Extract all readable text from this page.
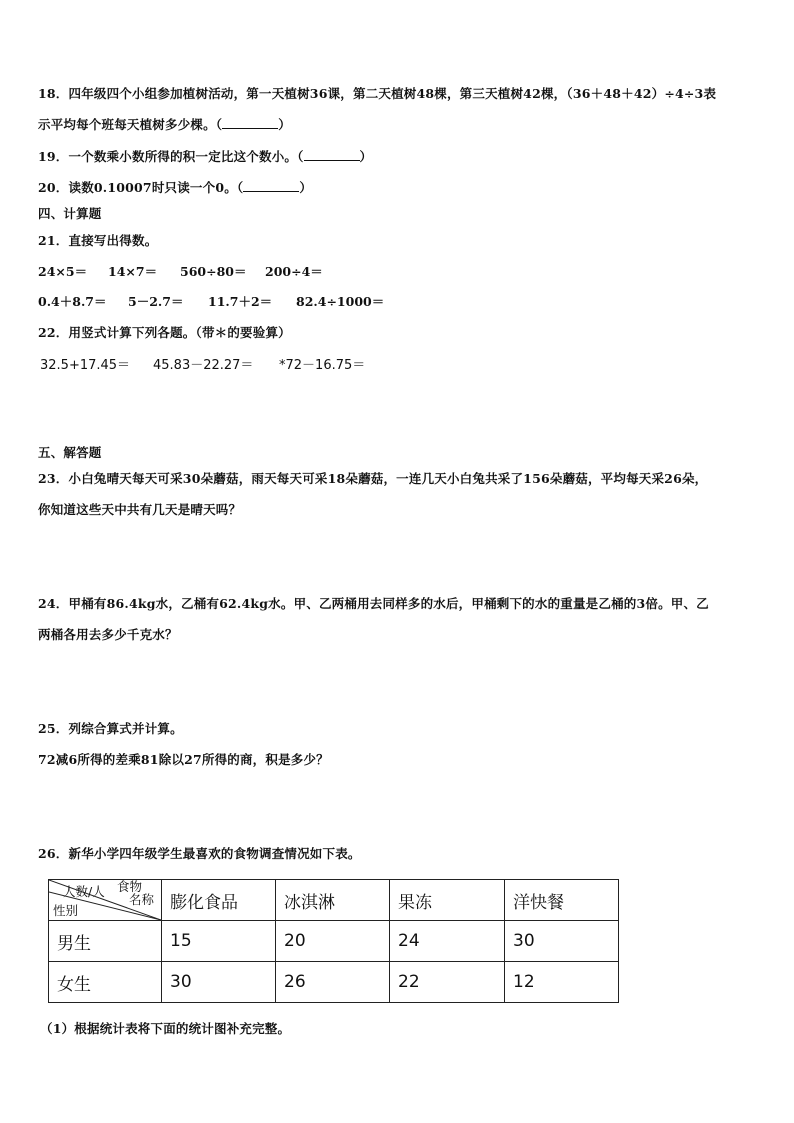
18．四年级四个小组参加植树活动，第一天植树36课，第二天植树48棵，第三天植树42棵，（36＋48＋42）÷4÷3表
示平均每个班每天植树多少棵。（	）
19．一个数乘小数所得的积一定比这个数小。（	）
20．读数0.10007时只读一个0。（	）
四、计算题
21．直接写出得数。
24×5＝ 14×7＝ 560÷80＝ 200÷4＝
0.4＋8.7＝ 5－2.7＝ 11.7＋2＝ 82.4÷1000＝
22．用竖式计算下列各题。（带＊的要验算）
32.5+17.45＝ 45.83－22.27＝ *72－16.75＝
五、解答题
23．小白兔晴天每天可采30朵蘑菇，雨天每天可采18朵蘑菇，一连几天小白兔共采了156朵蘑菇，平均每天采26朵，
你知道这些天中共有几天是晴天吗？
24．甲桶有86.4kg水，乙桶有62.4kg水。甲、乙两桶用去同样多的水后，甲桶剩下的水的重量是乙桶的3倍。甲、乙
两桶各用去多少千克水？
25．列综合算式并计算。
72减6所得的差乘81除以27所得的商，积是多少？
26．新华小学四年级学生最喜欢的食物调查情况如下表。
食物
名称
人数/人
性别	膨化食品	冰淇淋	果冻	洋快餐
男生	15	20	24	30
女生	30	26	22	12
（1）根据统计表将下面的统计图补充完整。
